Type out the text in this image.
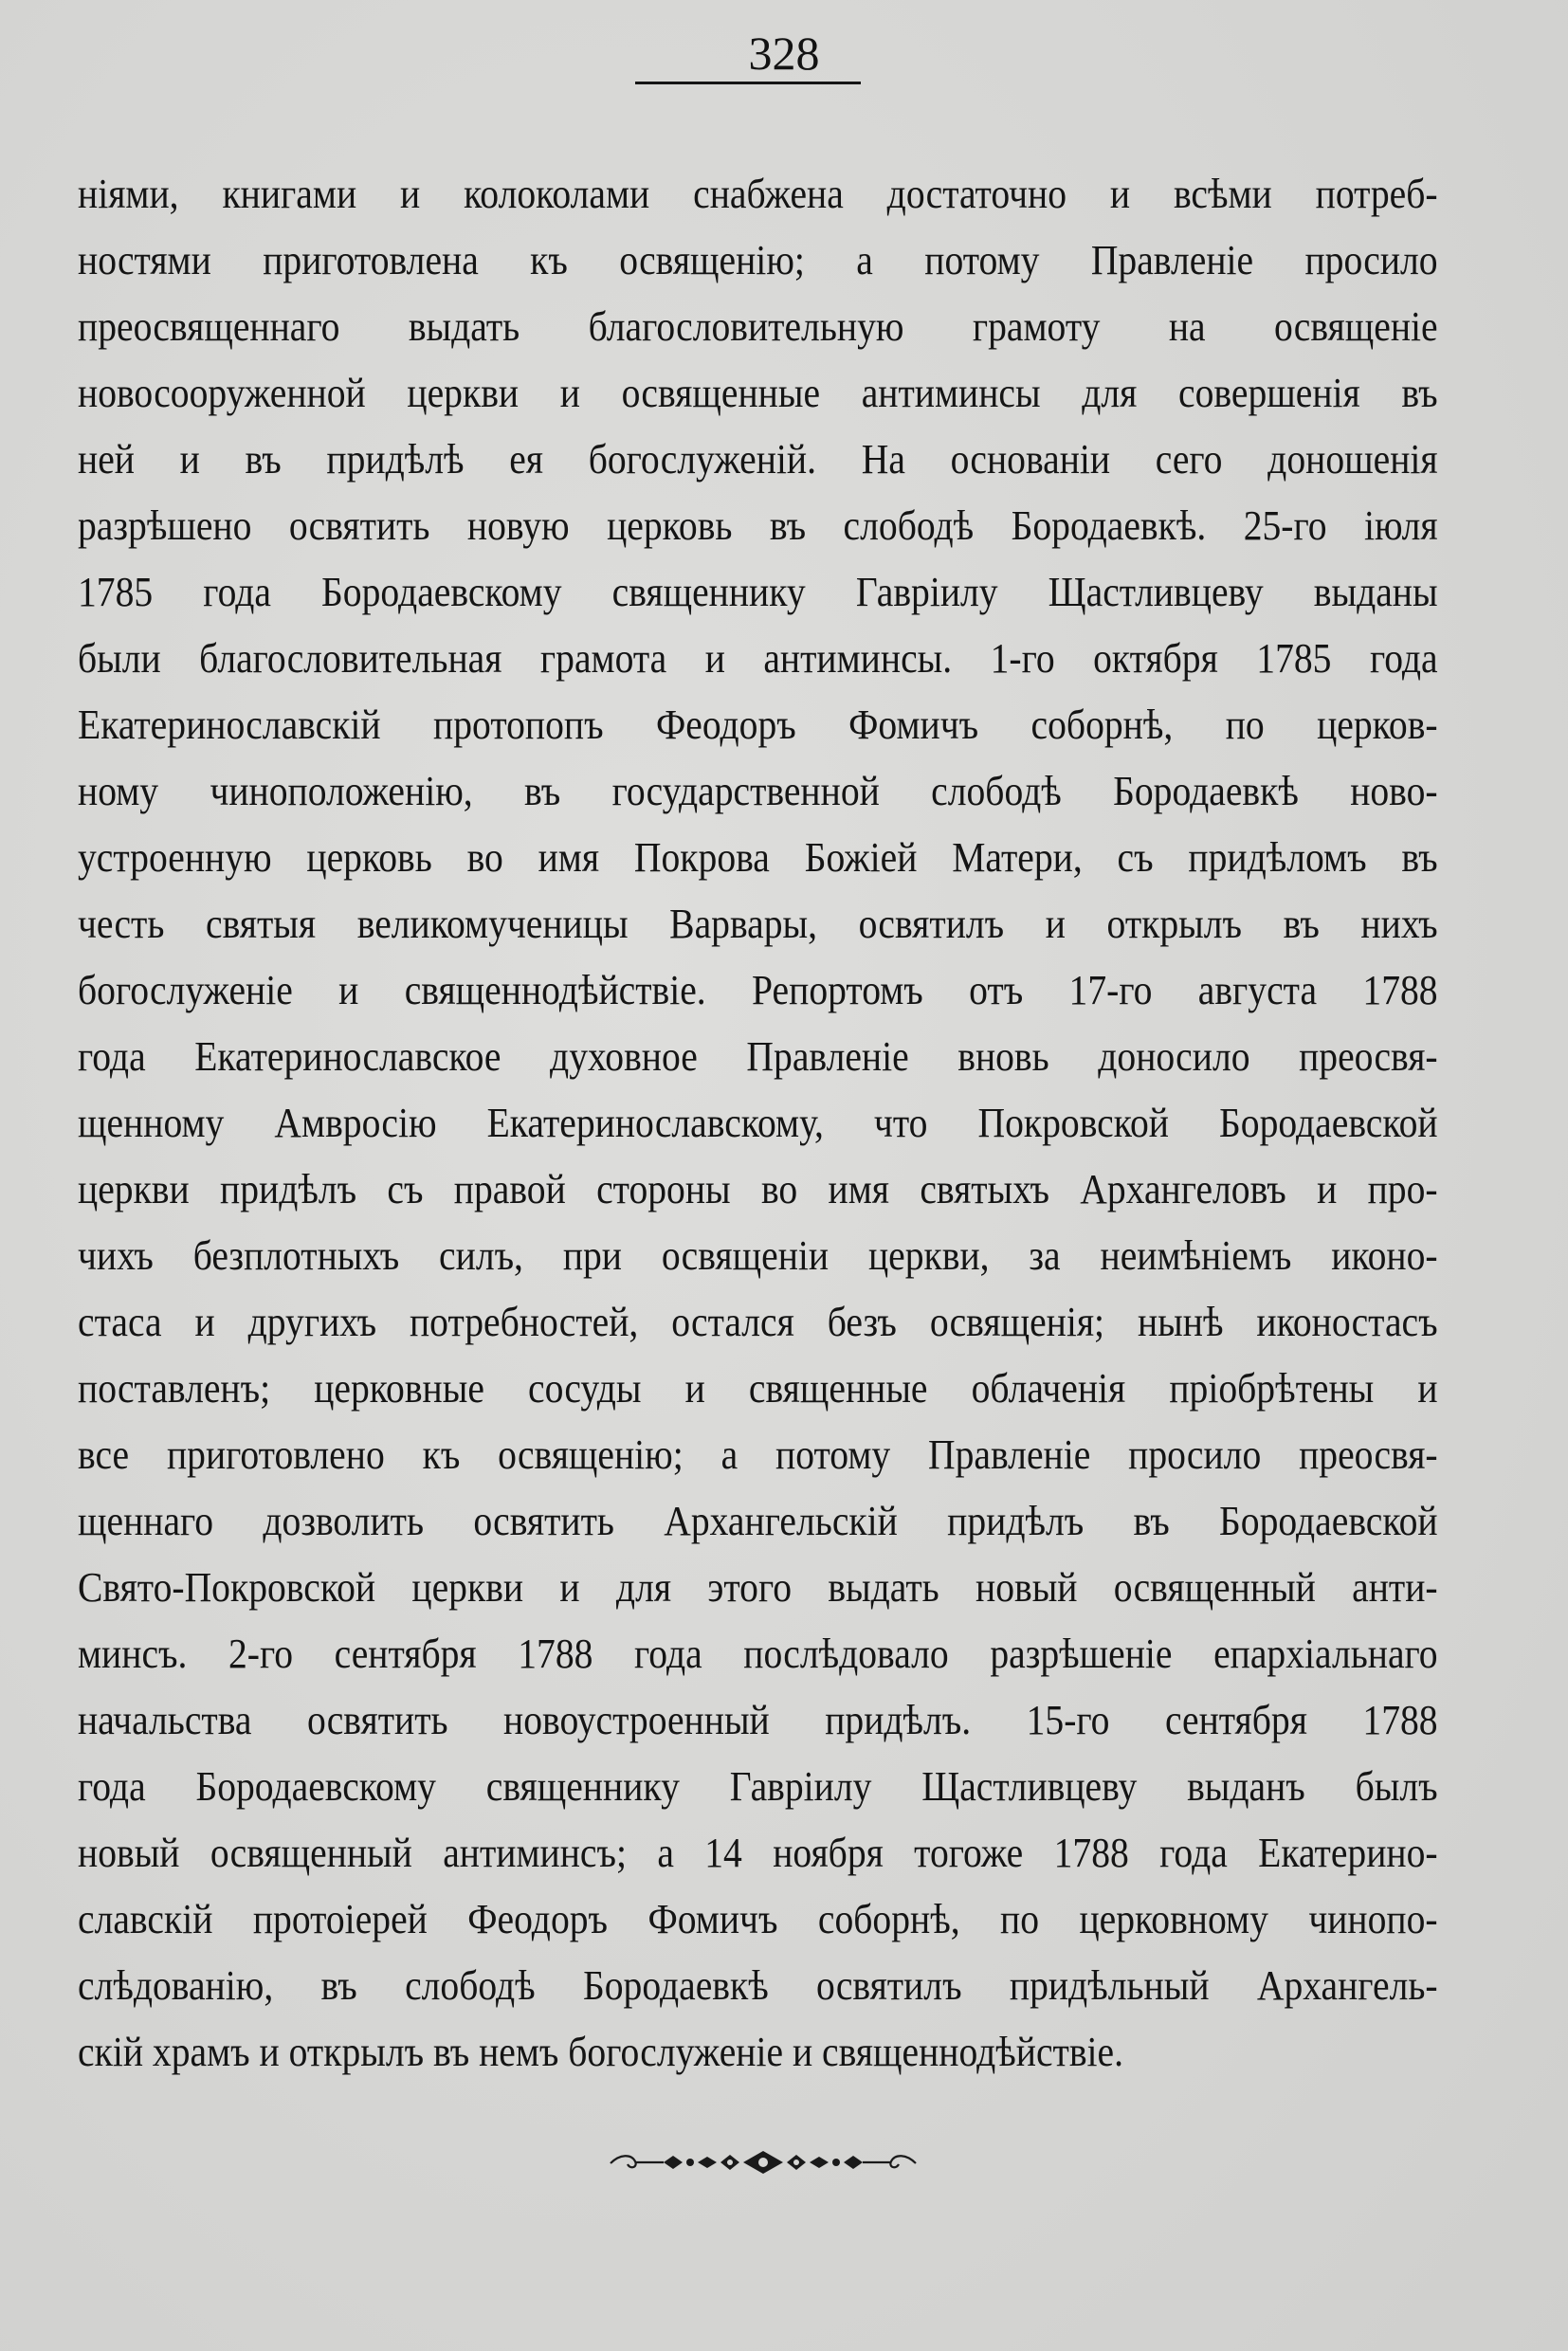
328
ніями, книгами и колоколами снабжена достаточно и всѣми потреб-
ностями приготовлена къ освященію; а потому Правленіе просило
преосвященнаго выдать благословительную грамоту на освященіе
новосооруженной церкви и освященные антиминсы для совершенія въ
ней и въ придѣлѣ ея богослуженій. На основаніи сего доношенія
разрѣшено освятить новую церковь въ слободѣ Бородаевкѣ. 25-го іюля
1785 года Бородаевскому священнику Гавріилу Щастливцеву выданы
были благословительная грамота и антиминсы. 1-го октября 1785 года
Екатеринославскій протопопъ Феодоръ Фомичъ соборнѣ, по церков-
ному чиноположенію, въ государственной слободѣ Бородаевкѣ ново-
устроенную церковь во имя Покрова Божіей Матери, съ придѣломъ въ
честь святыя великомученицы Варвары, освятилъ и открылъ въ нихъ
богослуженіе и священнодѣйствіе. Репортомъ отъ 17-го августа 1788
года Екатеринославское духовное Правленіе вновь доносило преосвя-
щенному Амвросію Екатеринославскому, что Покровской Бородаевской
церкви придѣлъ съ правой стороны во имя святыхъ Архангеловъ и про-
чихъ безплотныхъ силъ, при освященіи церкви, за неимѣніемъ иконо-
стаса и другихъ потребностей, остался безъ освященія; нынѣ иконостасъ
поставленъ; церковные сосуды и священные облаченія пріобрѣтены и
все приготовлено къ освященію; а потому Правленіе просило преосвя-
щеннаго дозволить освятить Архангельскій придѣлъ въ Бородаевской
Свято-Покровской церкви и для этого выдать новый освященный анти-
минсъ. 2-го сентября 1788 года послѣдовало разрѣшеніе епархіальнаго
начальства освятить новоустроенный придѣлъ. 15-го сентября 1788
года Бородаевскому священнику Гавріилу Щастливцеву выданъ былъ
новый освященный антиминсъ; а 14 ноября тогоже 1788 года Екатерино-
славскій протоіерей Феодоръ Фомичъ соборнѣ, по церковному чинопо-
слѣдованію, въ слободѣ Бородаевкѣ освятилъ придѣльный Архангель-
скій храмъ и открылъ въ немъ богослуженіе и священнодѣйствіе.
